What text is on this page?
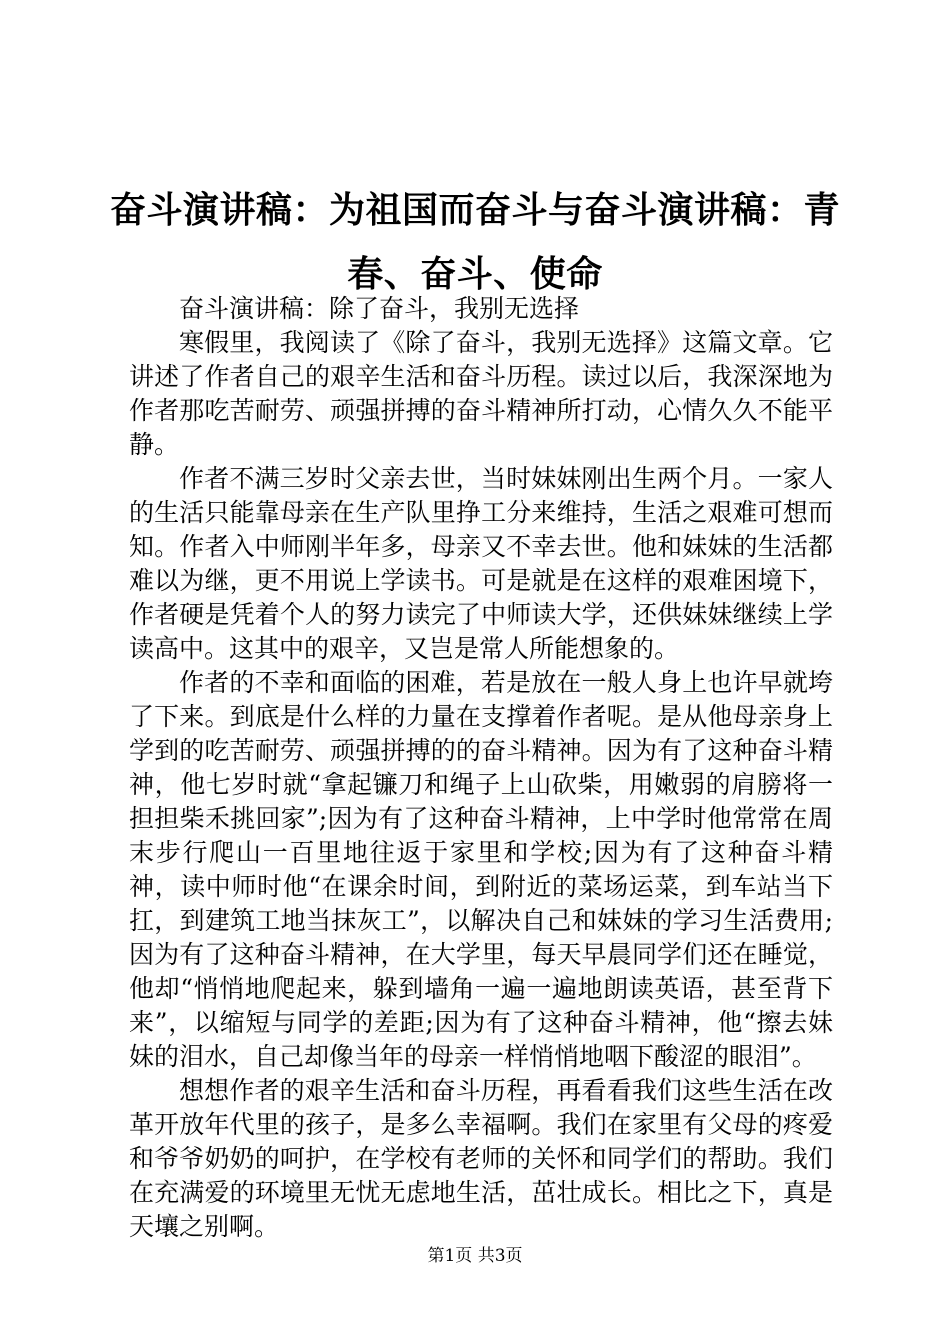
奋斗演讲稿：为祖国而奋斗与奋斗演讲稿：青春、奋斗、使命

奋斗演讲稿：除了奋斗，我别无选择

寒假里，我阅读了《除了奋斗，我别无选择》这篇文章。它讲述了作者自己的艰辛生活和奋斗历程。读过以后，我深深地为作者那吃苦耐劳、顽强拼搏的奋斗精神所打动，心情久久不能平静。

作者不满三岁时父亲去世，当时妹妹刚出生两个月。一家人的生活只能靠母亲在生产队里挣工分来维持，生活之艰难可想而知。作者入中师刚半年多，母亲又不幸去世。他和妹妹的生活都难以为继，更不用说上学读书。可是就是在这样的艰难困境下，作者硬是凭着个人的努力读完了中师读大学，还供妹妹继续上学读高中。这其中的艰辛，又岂是常人所能想象的。

作者的不幸和面临的困难，若是放在一般人身上也许早就垮了下来。到底是什么样的力量在支撑着作者呢。是从他母亲身上学到的吃苦耐劳、顽强拼搏的的奋斗精神。因为有了这种奋斗精神，他七岁时就“拿起镰刀和绳子上山砍柴，用嫩弱的肩膀将一担担柴禾挑回家”;因为有了这种奋斗精神，上中学时他常常在周末步行爬山一百里地往返于家里和学校;因为有了这种奋斗精神，读中师时他“在课余时间，到附近的菜场运菜，到车站当下扛，到建筑工地当抹灰工”，以解决自己和妹妹的学习生活费用;因为有了这种奋斗精神，在大学里，每天早晨同学们还在睡觉，他却“悄悄地爬起来，躲到墙角一遍一遍地朗读英语，甚至背下来”，以缩短与同学的差距;因为有了这种奋斗精神，他“擦去妹妹的泪水，自己却像当年的母亲一样悄悄地咽下酸涩的眼泪”。

想想作者的艰辛生活和奋斗历程，再看看我们这些生活在改革开放年代里的孩子，是多么幸福啊。我们在家里有父母的疼爱和爷爷奶奶的呵护，在学校有老师的关怀和同学们的帮助。我们在充满爱的环境里无忧无虑地生活，茁壮成长。相比之下，真是天壤之别啊。

第1页 共3页
